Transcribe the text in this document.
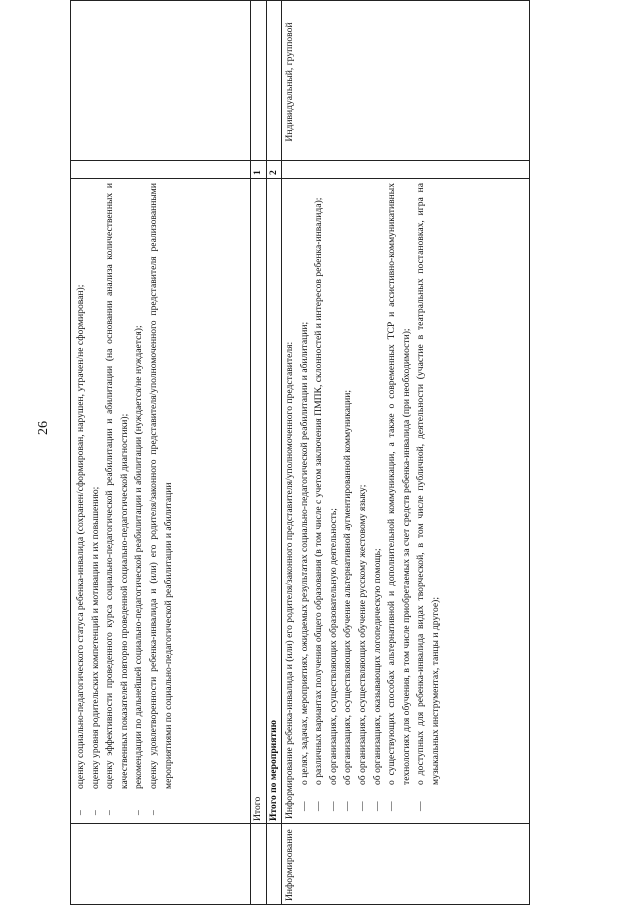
26
–
оценку социально-педагогического статуса ребенка-инвалида (сохранен/сформирован, нарушен, утрачен/не сформирован);
–
оценку уровня родительских компетенций и мотивации и их повышению;
–
оценку эффективности проведенного курса социально-педагогической реабилитации и абилитации (на основании анализа количественных и качественных показателей повторно проведенной социально-педагогической диагностики);
–
рекомендации по дальнейшей социально-педагогической реабилитации и абилитации (нуждается/не нуждается);
–
оценку удовлетворенности ребенка-инвалида и (или) его родителя/законного представителя/уполномоченного представителя реализованными мероприятиями по социально-педагогической реабилитации и абилитации
Итого
1
Итого по мероприятию
2
Информирование
Индивидуальный, групповой
Информирование ребенка-инвалида и (или) его родителя/законного представителя/уполномоченного представителя: —
о целях, задачах, мероприятиях, ожидаемых результатах социально-педагогической реабилитации и абилитации;
—
о различных вариантах получения общего образования (в том числе с учетом заключения ПМПК, склонностей и интересов ребенка-инвалида);
—
об организациях, осуществляющих образовательную деятельность;
—
об организациях, осуществляющих обучение альтернативной аугментированной коммуникации;
—
об организациях, осуществляющих обучение русскому жестовому языку;
—
об организациях, оказывающих логопедическую помощь;
—
о существующих способах альтернативной и дополнительной коммуникации, а также о современных ТСР и ассистивно-коммуникативных технологиях для обучения, в том числе приобретаемых за счет средств ребенка-инвалида (при необходимости);
—
о доступных для ребенка-инвалида видах творческой, в том числе публичной, деятельности (участие в театральных постановках, игра на музыкальных инструментах, танцы и другое);
